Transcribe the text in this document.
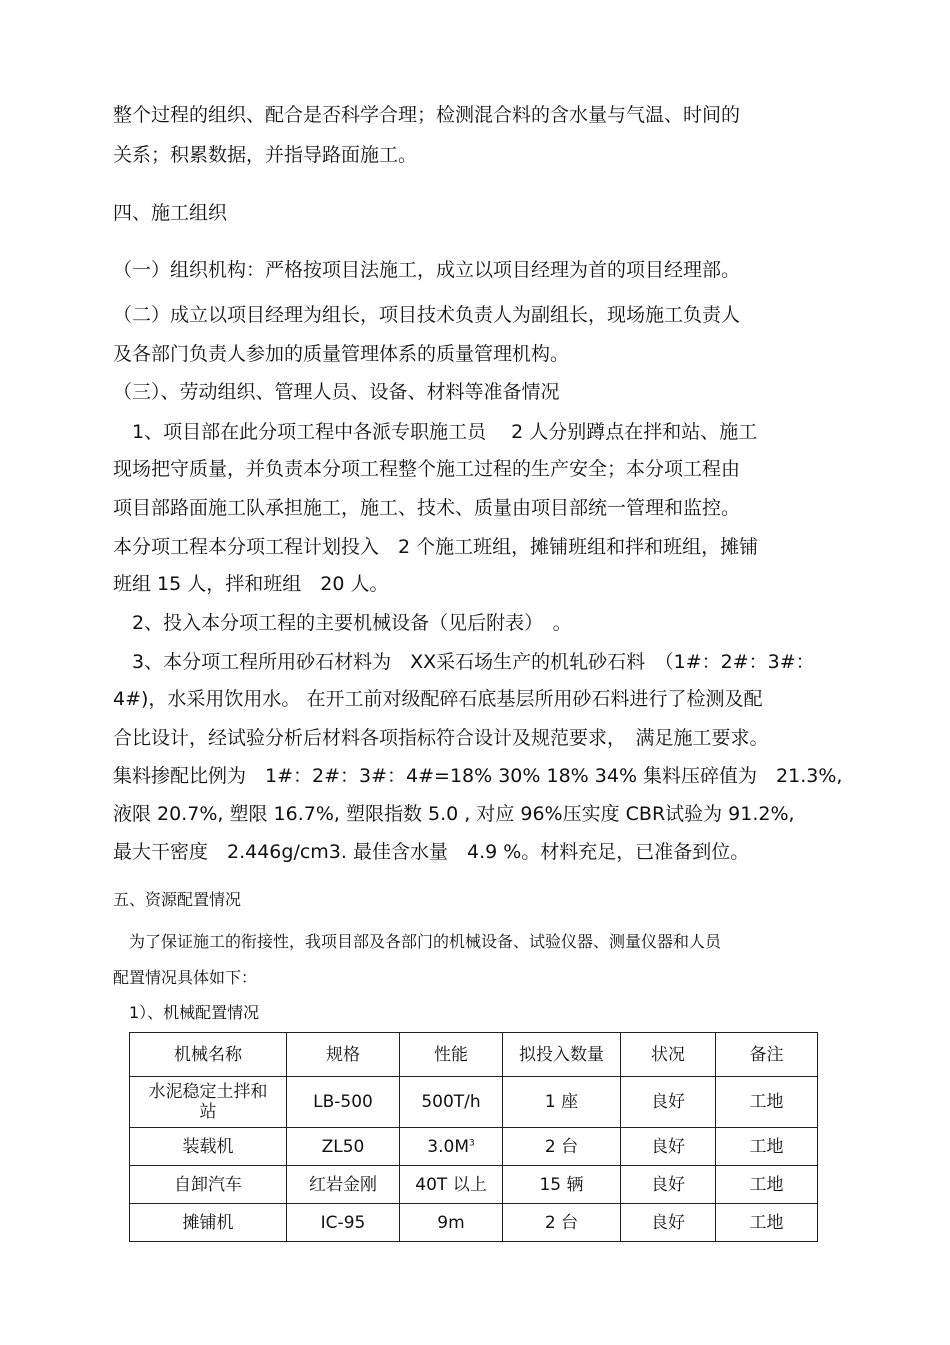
整个过程的组织、配合是否科学合理；检测混合料的含水量与气温、时间的
关系；积累数据，并指导路面施工。
四、施工组织
（一）组织机构：严格按项目法施工，成立以项目经理为首的项目经理部。
（二）成立以项目经理为组长，项目技术负责人为副组长，现场施工负责人
及各部门负责人参加的质量管理体系的质量管理机构。
（三）、劳动组织、管理人员、设备、材料等准备情况
　1、项目部在此分项工程中各派专职施工员　 2 人分别蹲点在拌和站、施工
现场把守质量，并负责本分项工程整个施工过程的生产安全；本分项工程由
项目部路面施工队承担施工，施工、技术、质量由项目部统一管理和监控。
本分项工程本分项工程计划投入　2 个施工班组，摊铺班组和拌和班组，摊铺
班组 15 人，拌和班组　20 人。
　2、投入本分项工程的主要机械设备（见后附表）　。
　3、本分项工程所用砂石材料为　XX采石场生产的机轧砂石料　（1#：2#：3#：
4#)，水采用饮用水。 在开工前对级配碎石底基层所用砂石料进行了检测及配
合比设计，经试验分析后材料各项指标符合设计及规范要求，　满足施工要求。
集料掺配比例为　1#：2#：3#：4#=18% 30% 18% 34% 集料压碎值为　21.3%,
液限 20.7%, 塑限 16.7%, 塑限指数 5.0 , 对应 96%压实度 CBR试验为 91.2%,
最大干密度　2.446g/cm3. 最佳含水量　4.9 %。材料充足，已准备到位。
五、资源配置情况
　为了保证施工的衔接性，我项目部及各部门的机械设备、试验仪器、测量仪器和人员
配置情况具体如下：
　1）、机械配置情况
机械名称	规格	性能	拟投入数量	状况	备注
水泥稳定土拌和站	LB-500	500T/h	1 座	良好	工地
装载机	ZL50	$3.0M^3$	2 台	良好	工地
自卸汽车	红岩金刚	40T 以上	15 辆	良好	工地
摊铺机	IC-95	9m	2 台	良好	工地
